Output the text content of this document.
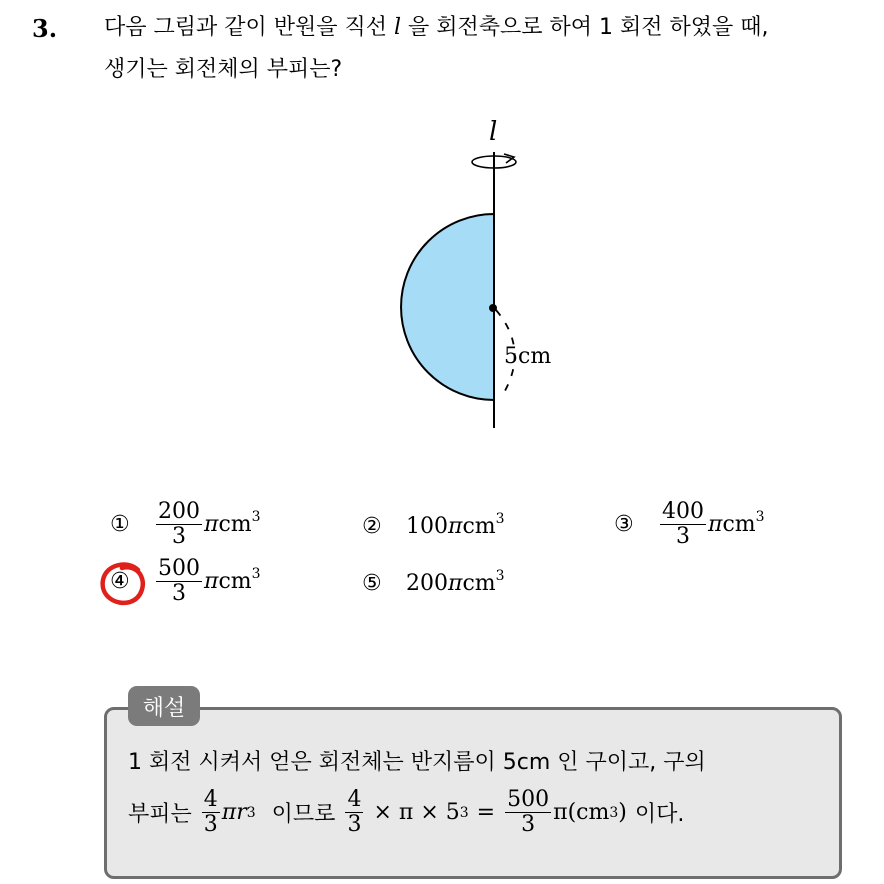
3. 다음 그림과 같이 반원을 직선 l 을 회전축으로 하여 1 회전 하였을 때,
생기는 회전체의 부피는?
l
5cm
①	$\frac{200}{3} \pi cm^3$	②	100πcm$^3$	③	$\frac{400}{3} \pi cm^3$
④	$\frac{500}{3} \pi cm^3$	⑤	200πcm$^3$
해설
1 회전 시켜서 얻은 회전체는 반지름이 5cm 인 구이고, 구의
부피는 $\frac{4}{3}$ πr 3 이므로 $\frac{4}{3} \times \pi \times 5$ $3 = \frac{500}{3} \pi(cm$ 3 ) 이다.
